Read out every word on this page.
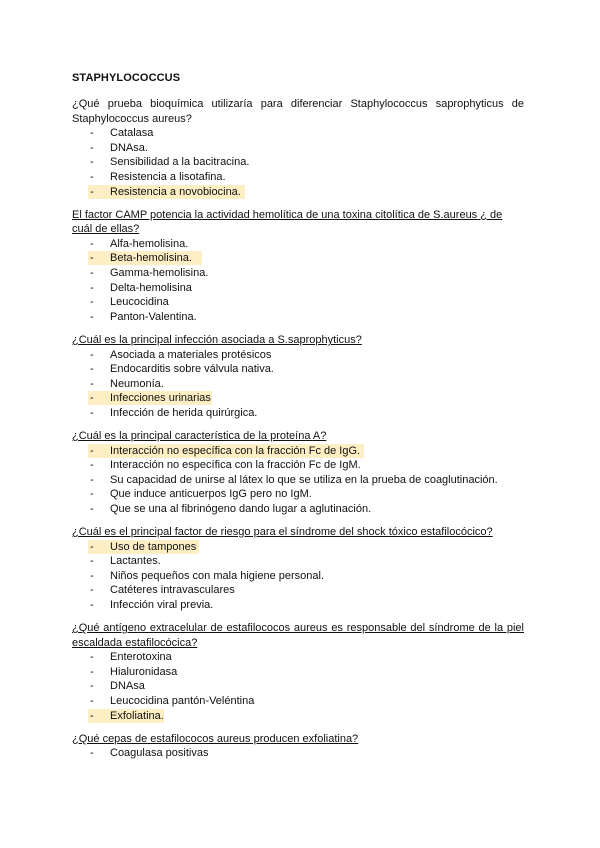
STAPHYLOCOCCUS
¿Qué prueba bioquímica utilizaría para diferenciar Staphylococcus saprophyticus de Staphylococcus aureus?
- Catalasa
- DNAsa.
- Sensibilidad a la bacitracina.
- Resistencia a lisotafina.
- Resistencia a novobiocina.
El factor CAMP potencia la actividad hemolítica de una toxina citolítica de S.aureus ¿ de cuál de ellas?
- Alfa-hemolisina.
- Beta-hemolisina.
- Gamma-hemolisina.
- Delta-hemolisina
- Leucocidina
- Panton-Valentina.
¿Cuál es la principal infección asociada a S.saprophyticus?
- Asociada a materiales protésicos
- Endocarditis sobre válvula nativa.
- Neumonía.
- Infecciones urinarias
- Infección de herida quirúrgica.
¿Cuál es la principal característica de la proteína A?
- Interacción no específica con la fracción Fc de IgG.
- Interacción no específica con la fracción Fc de IgM.
- Su capacidad de unirse al látex lo que se utiliza en la prueba de coaglutinación.
- Que induce anticuerpos IgG pero no IgM.
- Que se una al fibrinógeno dando lugar a aglutinación.
¿Cuál es el principal factor de riesgo para el síndrome del shock tóxico estafilocócico?
- Uso de tampones
- Lactantes.
- Niños pequeños con mala higiene personal.
- Catéteres intravasculares
- Infección viral previa.
¿Qué antígeno extracelular de estafilococos aureus es responsable del síndrome de la piel escaldada estafilocócica?
- Enterotoxina
- Hialuronidasa
- DNAsa
- Leucocidina pantón-Veléntina
- Exfoliatina.
¿Qué cepas de estafilococos aureus producen exfoliatina?
- Coagulasa positivas
